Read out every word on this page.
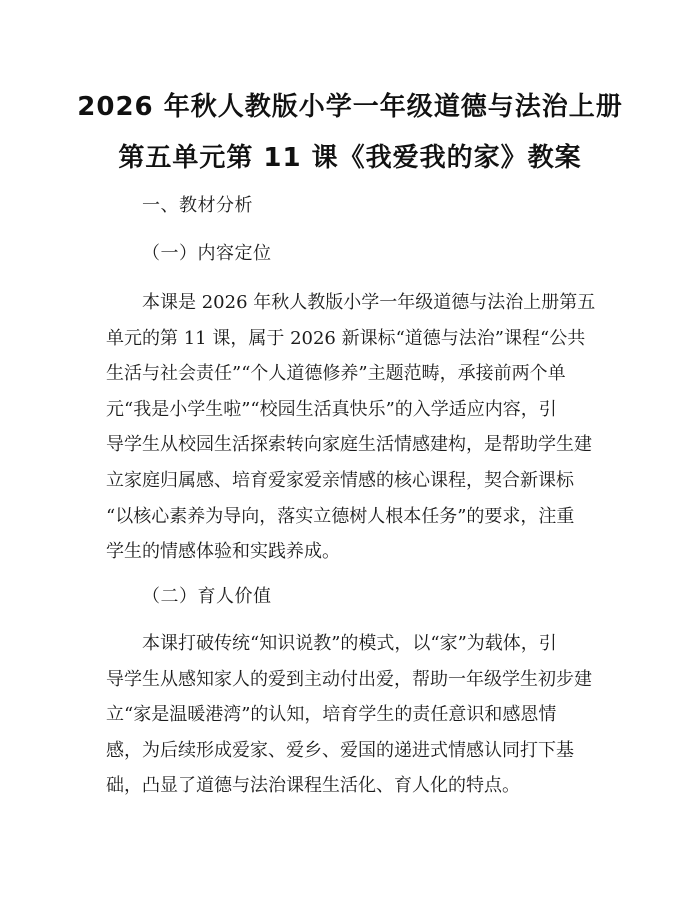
2026 年秋人教版小学一年级道德与法治上册
第五单元第 11 课《我爱我的家》教案
一、教材分析
（一）内容定位
本课是 2026 年秋人教版小学一年级道德与法治上册第五
单元的第 11 课，属于 2026 新课标“道德与法治”课程“公共
生活与社会责任”“个人道德修养”主题范畴，承接前两个单
元“我是小学生啦”“校园生活真快乐”的入学适应内容，引
导学生从校园生活探索转向家庭生活情感建构，是帮助学生建
立家庭归属感、培育爱家爱亲情感的核心课程，契合新课标
“以核心素养为导向，落实立德树人根本任务”的要求，注重
学生的情感体验和实践养成。
（二）育人价值
本课打破传统“知识说教”的模式，以“家”为载体，引
导学生从感知家人的爱到主动付出爱，帮助一年级学生初步建
立“家是温暖港湾”的认知，培育学生的责任意识和感恩情
感，为后续形成爱家、爱乡、爱国的递进式情感认同打下基
础，凸显了道德与法治课程生活化、育人化的特点。
